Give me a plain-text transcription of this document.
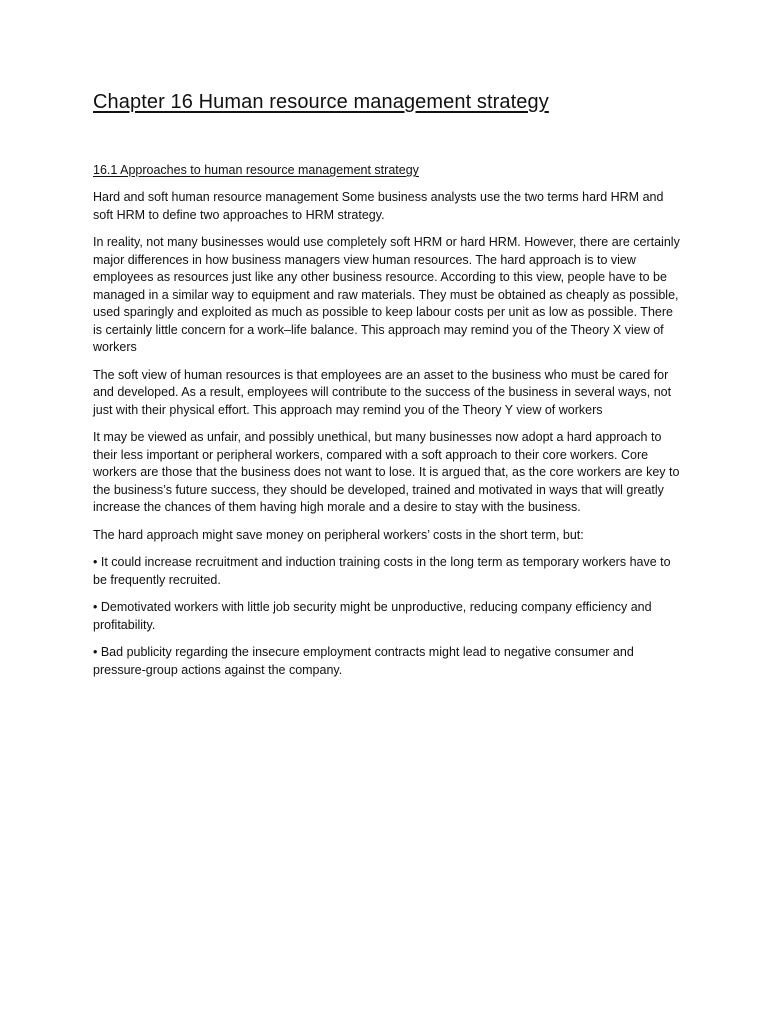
Chapter 16 Human resource management strategy
16.1 Approaches to human resource management strategy

Hard and soft human resource management Some business analysts use the two terms hard HRM and soft HRM to define two approaches to HRM strategy.

In reality, not many businesses would use completely soft HRM or hard HRM. However, there are certainly major differences in how business managers view human resources. The hard approach is to view employees as resources just like any other business resource. According to this view, people have to be managed in a similar way to equipment and raw materials. They must be obtained as cheaply as possible, used sparingly and exploited as much as possible to keep labour costs per unit as low as possible. There is certainly little concern for a work–life balance. This approach may remind you of the Theory X view of workers

The soft view of human resources is that employees are an asset to the business who must be cared for and developed. As a result, employees will contribute to the success of the business in several ways, not just with their physical effort. This approach may remind you of the Theory Y view of workers

It may be viewed as unfair, and possibly unethical, but many businesses now adopt a hard approach to their less important or peripheral workers, compared with a soft approach to their core workers. Core workers are those that the business does not want to lose. It is argued that, as the core workers are key to the business’s future success, they should be developed, trained and motivated in ways that will greatly increase the chances of them having high morale and a desire to stay with the business.

The hard approach might save money on peripheral workers’ costs in the short term, but:

• It could increase recruitment and induction training costs in the long term as temporary workers have to be frequently recruited.

• Demotivated workers with little job security might be unproductive, reducing company efficiency and profitability.

• Bad publicity regarding the insecure employment contracts might lead to negative consumer and pressure-group actions against the company.
